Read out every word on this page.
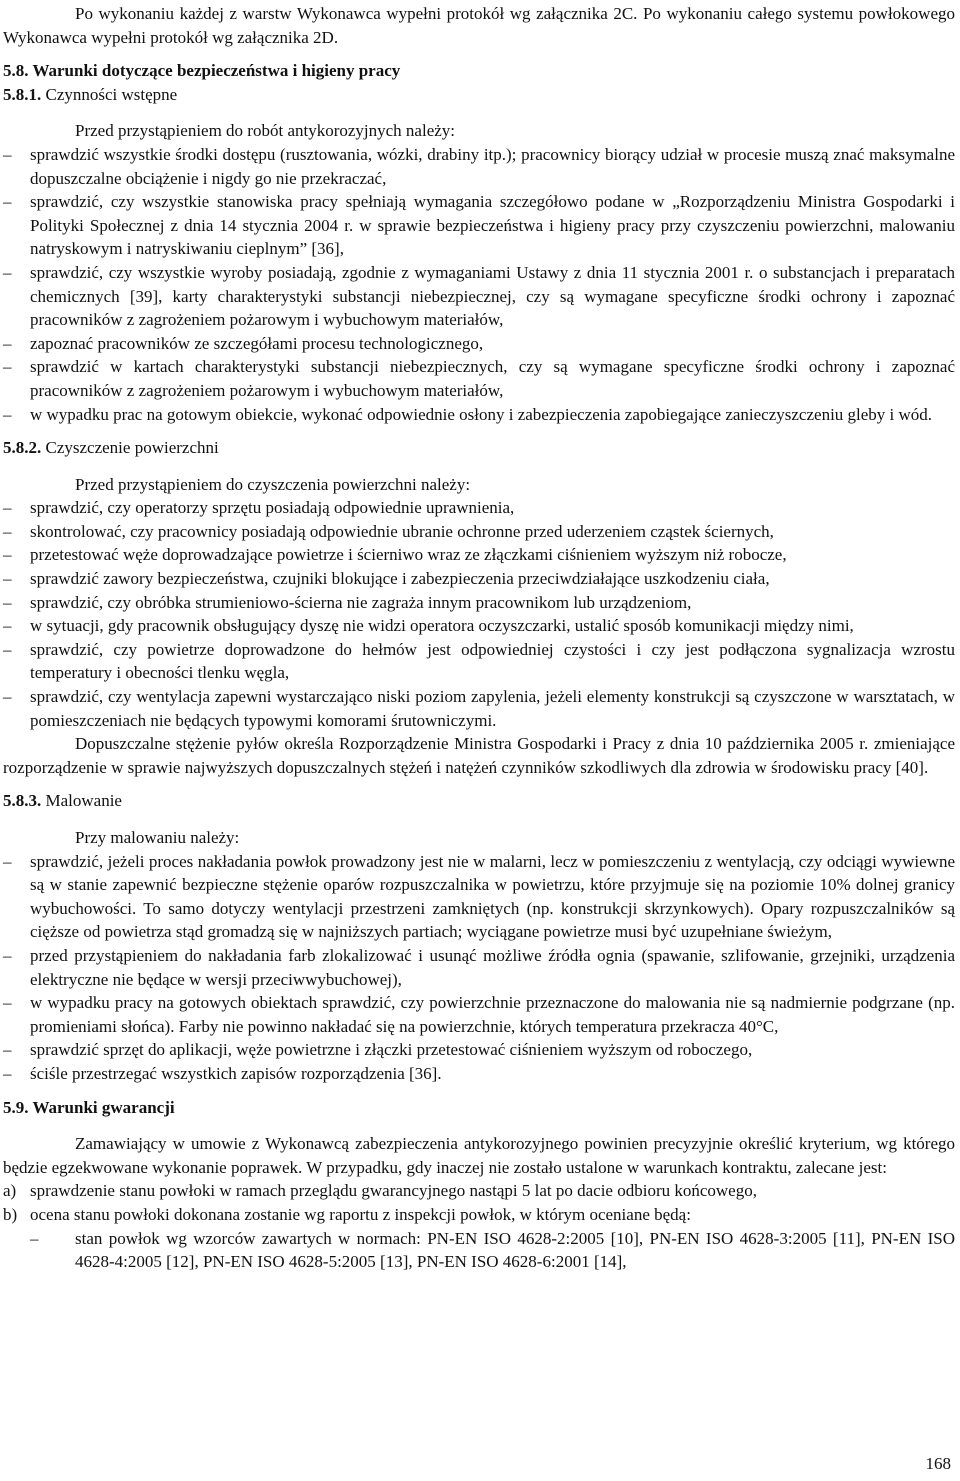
Po wykonaniu każdej z warstw Wykonawca wypełni protokół wg załącznika 2C. Po wykonaniu całego systemu powłokowego Wykonawca wypełni protokół wg załącznika 2D.

5.8. Warunki dotyczące bezpieczeństwa i higieny pracy
5.8.1. Czynności wstępne

Przed przystąpieniem do robót antykorozyjnych należy:

– sprawdzić wszystkie środki dostępu (rusztowania, wózki, drabiny itp.); pracownicy biorący udział w procesie muszą znać maksymalne dopuszczalne obciążenie i nigdy go nie przekraczać,
– sprawdzić, czy wszystkie stanowiska pracy spełniają wymagania szczegółowo podane w „Rozporządzeniu Ministra Gospodarki i Polityki Społecznej z dnia 14 stycznia 2004 r. w sprawie bezpieczeństwa i higieny pracy przy czyszczeniu powierzchni, malowaniu natryskowym i natryskiwaniu cieplnym” [36],
– sprawdzić, czy wszystkie wyroby posiadają, zgodnie z wymaganiami Ustawy z dnia 11 stycznia 2001 r. o substancjach i preparatach chemicznych [39], karty charakterystyki substancji niebezpiecznej, czy są wymagane specyficzne środki ochrony i zapoznać pracowników z zagrożeniem pożarowym i wybuchowym materiałów,
– zapoznać pracowników ze szczegółami procesu technologicznego,
– sprawdzić w kartach charakterystyki substancji niebezpiecznych, czy są wymagane specyficzne środki ochrony i zapoznać pracowników z zagrożeniem pożarowym i wybuchowym materiałów,
– w wypadku prac na gotowym obiekcie, wykonać odpowiednie osłony i zabezpieczenia zapobiegające zanieczyszczeniu gleby i wód.
5.8.2. Czyszczenie powierzchni

Przed przystąpieniem do czyszczenia powierzchni należy:

– sprawdzić, czy operatorzy sprzętu posiadają odpowiednie uprawnienia,
– skontrolować, czy pracownicy posiadają odpowiednie ubranie ochronne przed uderzeniem cząstek ściernych,
– przetestować węże doprowadzające powietrze i ścierniwo wraz ze złączkami ciśnieniem wyższym niż robocze,
– sprawdzić zawory bezpieczeństwa, czujniki blokujące i zabezpieczenia przeciwdziałające uszkodzeniu ciała,
– sprawdzić, czy obróbka strumieniowo-ścierna nie zagraża innym pracownikom lub urządzeniom,
– w sytuacji, gdy pracownik obsługujący dyszę nie widzi operatora oczyszczarki, ustalić sposób komunikacji między nimi,
– sprawdzić, czy powietrze doprowadzone do hełmów jest odpowiedniej czystości i czy jest podłączona sygnalizacja wzrostu temperatury i obecności tlenku węgla,
– sprawdzić, czy wentylacja zapewni wystarczająco niski poziom zapylenia, jeżeli elementy konstrukcji są czyszczone w warsztatach, w pomieszczeniach nie będących typowymi komorami śrutowniczymi.

Dopuszczalne stężenie pyłów określa Rozporządzenie Ministra Gospodarki i Pracy z dnia 10 października 2005 r. zmieniające rozporządzenie w sprawie najwyższych dopuszczalnych stężeń i natężeń czynników szkodliwych dla zdrowia w środowisku pracy [40].

5.8.3. Malowanie

Przy malowaniu należy:

– sprawdzić, jeżeli proces nakładania powłok prowadzony jest nie w malarni, lecz w pomieszczeniu z wentylacją, czy odciągi wywiewne są w stanie zapewnić bezpieczne stężenie oparów rozpuszczalnika w powietrzu, które przyjmuje się na poziomie 10% dolnej granicy wybuchowości. To samo dotyczy wentylacji przestrzeni zamkniętych (np. konstrukcji skrzynkowych). Opary rozpuszczalników są cięższe od powietrza stąd gromadzą się w najniższych partiach; wyciągane powietrze musi być uzupełniane świeżym,
– przed przystąpieniem do nakładania farb zlokalizować i usunąć możliwe źródła ognia (spawanie, szlifowanie, grzejniki, urządzenia elektryczne nie będące w wersji przeciwwybuchowej),
– w wypadku pracy na gotowych obiektach sprawdzić, czy powierzchnie przeznaczone do malowania nie są nadmiernie podgrzane (np. promieniami słońca). Farby nie powinno nakładać się na powierzchnie, których temperatura przekracza 40°C,
– sprawdzić sprzęt do aplikacji, węże powietrzne i złączki przetestować ciśnieniem wyższym od roboczego,
– ściśle przestrzegać wszystkich zapisów rozporządzenia [36].
5.9. Warunki gwarancji

Zamawiający w umowie z Wykonawcą zabezpieczenia antykorozyjnego powinien precyzyjnie określić kryterium, wg którego będzie egzekwowane wykonanie poprawek. W przypadku, gdy inaczej nie zostało ustalone w warunkach kontraktu, zalecane jest:

a) sprawdzenie stanu powłoki w ramach przeglądu gwarancyjnego nastąpi 5 lat po dacie odbioru końcowego,
b) ocena stanu powłoki dokonana zostanie wg raportu z inspekcji powłok, w którym oceniane będą:
– stan powłok wg wzorców zawartych w normach: PN-EN ISO 4628-2:2005 [10], PN-EN ISO 4628-3:2005 [11], PN-EN ISO 4628-4:2005 [12], PN-EN ISO 4628-5:2005 [13], PN-EN ISO 4628-6:2001 [14],
168
